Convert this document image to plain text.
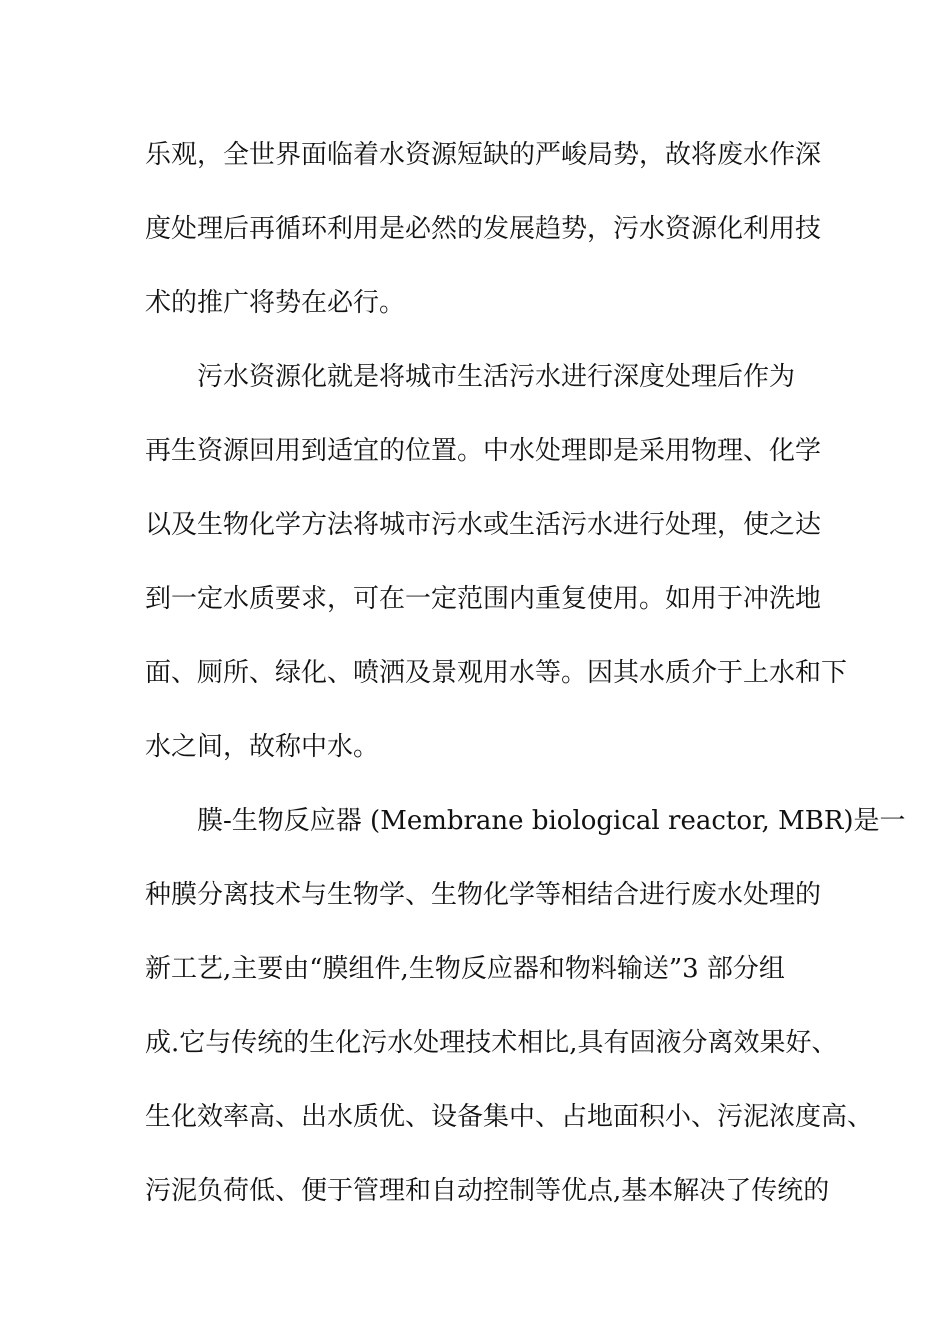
乐观，全世界面临着水资源短缺的严峻局势，故将废水作深
度处理后再循环利用是必然的发展趋势，污水资源化利用技
术的推广将势在必行。
污水资源化就是将城市生活污水进行深度处理后作为
再生资源回用到适宜的位置。中水处理即是采用物理、化学
以及生物化学方法将城市污水或生活污水进行处理，使之达
到一定水质要求，可在一定范围内重复使用。如用于冲洗地
面、厕所、绿化、喷洒及景观用水等。因其水质介于上水和下
水之间，故称中水。
膜-生物反应器 (Membrane biological reactor, MBR)是一
种膜分离技术与生物学、生物化学等相结合进行废水处理的
新工艺,主要由“膜组件,生物反应器和物料输送”3 部分组
成.它与传统的生化污水处理技术相比,具有固液分离效果好、
生化效率高、出水质优、设备集中、占地面积小、污泥浓度高、
污泥负荷低、便于管理和自动控制等优点,基本解决了传统的
